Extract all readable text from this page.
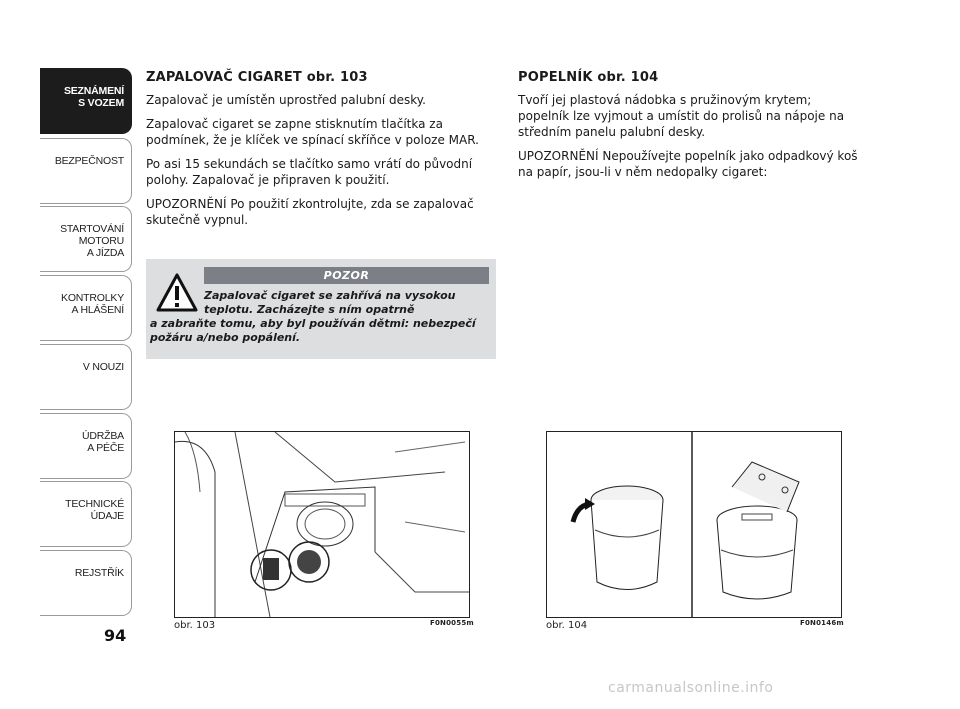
SEZNÁMENÍ
S VOZEM
BEZPEČNOST
STARTOVÁNÍ
MOTORU
A JÍZDA
KONTROLKY
A HLÁŠENÍ
V NOUZI
ÚDRŽBA
A PÉČE
TECHNICKÉ
ÚDAJE
REJSTŘÍK
94
ZAPALOVAČ CIGARET obr. 103

Zapalovač je umístěn uprostřed palubní desky.

Zapalovač cigaret se zapne stisknutím tlačítka za podmínek, že je klíček ve spínací skříňce v poloze MAR.

Po asi 15 sekundách se tlačítko samo vrátí do původní polohy. Zapalovač je připraven k použití.

UPOZORNĚNÍ Po použití zkontrolujte, zda se zapalovač skutečně vypnul.

POZOR
Zapalovač cigaret se zahřívá na vysokou teplotu. Zacházejte s ním opatrně
a zabraňte tomu, aby byl používán dětmi: nebezpečí požáru a/nebo popálení.
POPELNÍK obr. 104

Tvoří jej plastová nádobka s pružinovým krytem; popelník lze vyjmout a umístit do prolisů na nápoje na středním panelu palubní desky.

UPOZORNĚNÍ Nepoužívejte popelník jako odpadkový koš na papír, jsou-li v něm nedopalky cigaret:

obr. 103	F0N0055m	obr. 104	F0N0146m
carmanualsonline.info
